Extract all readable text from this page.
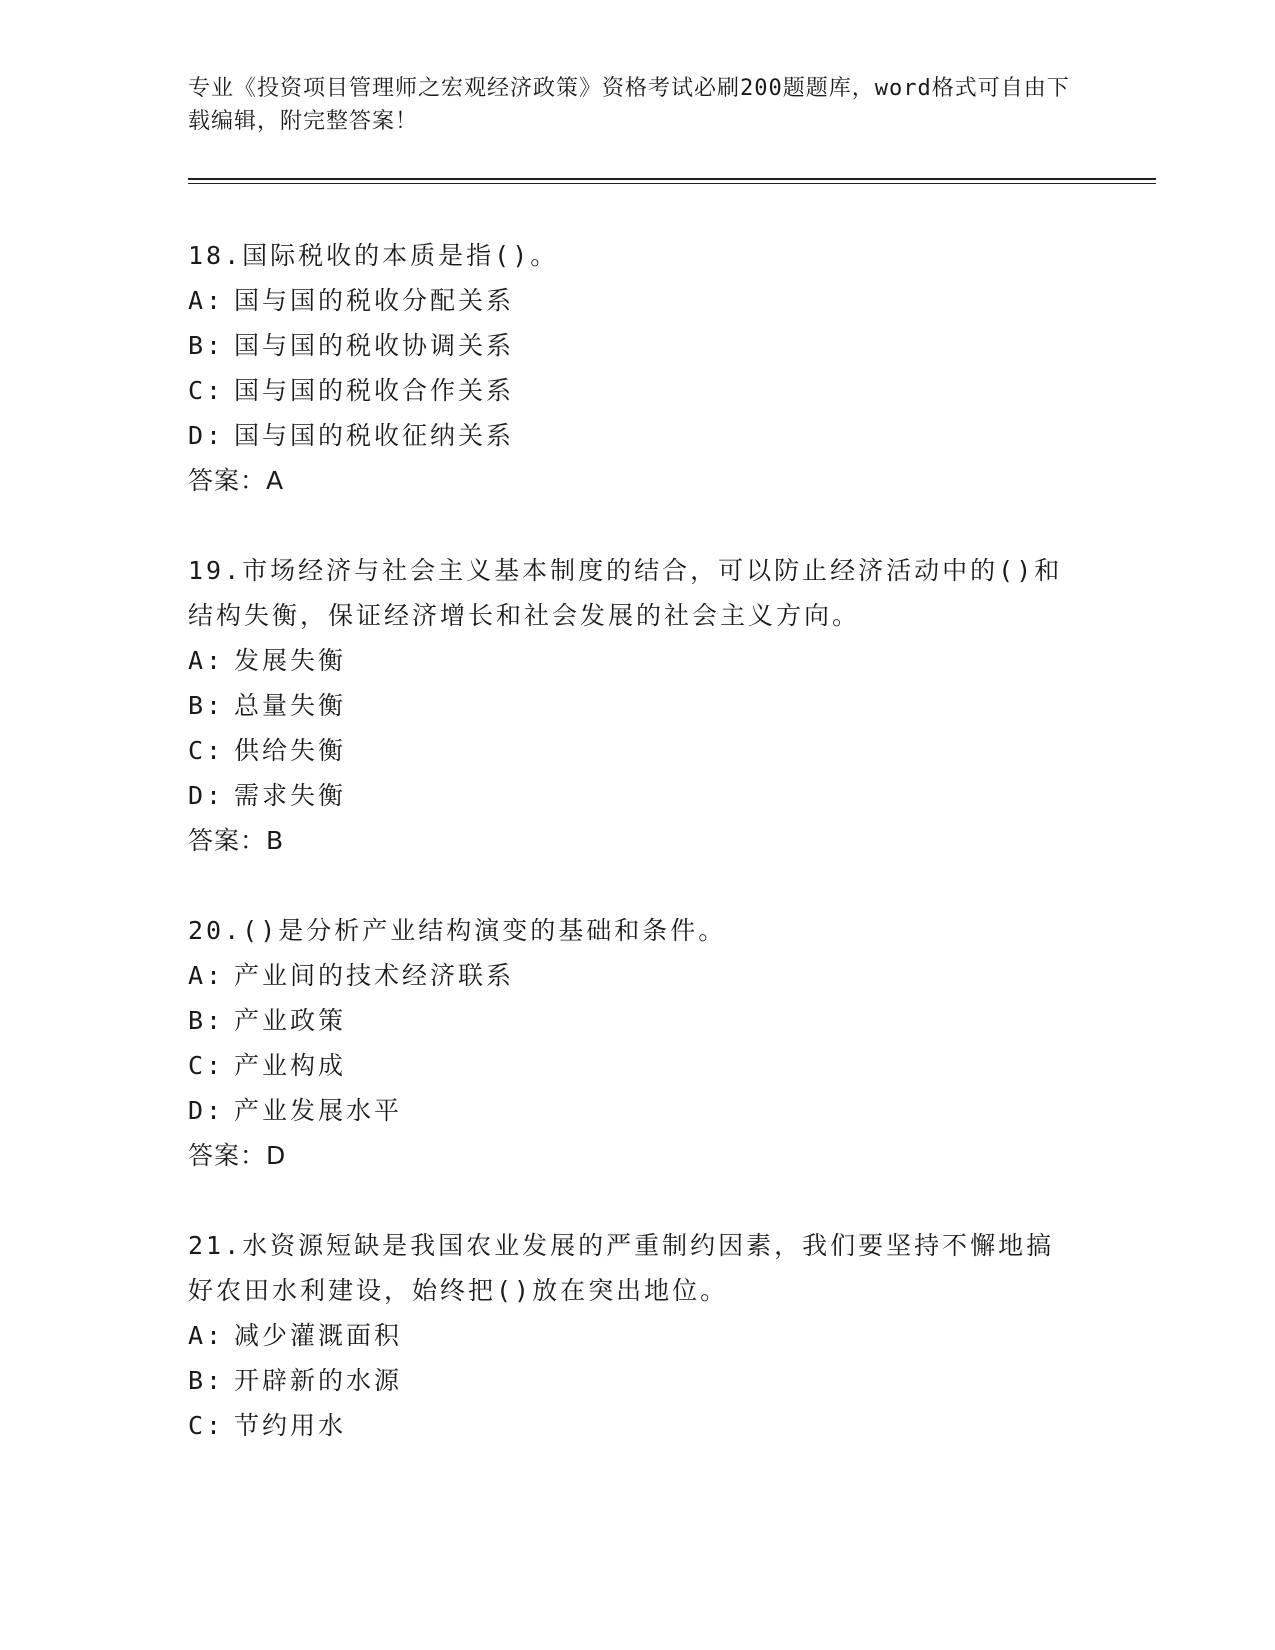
专业《投资项目管理师之宏观经济政策》资格考试必刷200题题库，word格式可自由下载编辑，附完整答案！

18.国际税收的本质是指()。

A: 国与国的税收分配关系

B: 国与国的税收协调关系

C: 国与国的税收合作关系

D: 国与国的税收征纳关系

答案：A

19.市场经济与社会主义基本制度的结合，可以防止经济活动中的()和结构失衡，保证经济增长和社会发展的社会主义方向。

A: 发展失衡

B: 总量失衡

C: 供给失衡

D: 需求失衡

答案：B

20.()是分析产业结构演变的基础和条件。

A: 产业间的技术经济联系

B: 产业政策

C: 产业构成

D: 产业发展水平

答案：D

21.水资源短缺是我国农业发展的严重制约因素，我们要坚持不懈地搞好农田水利建设，始终把()放在突出地位。

A: 减少灌溉面积

B: 开辟新的水源

C: 节约用水
